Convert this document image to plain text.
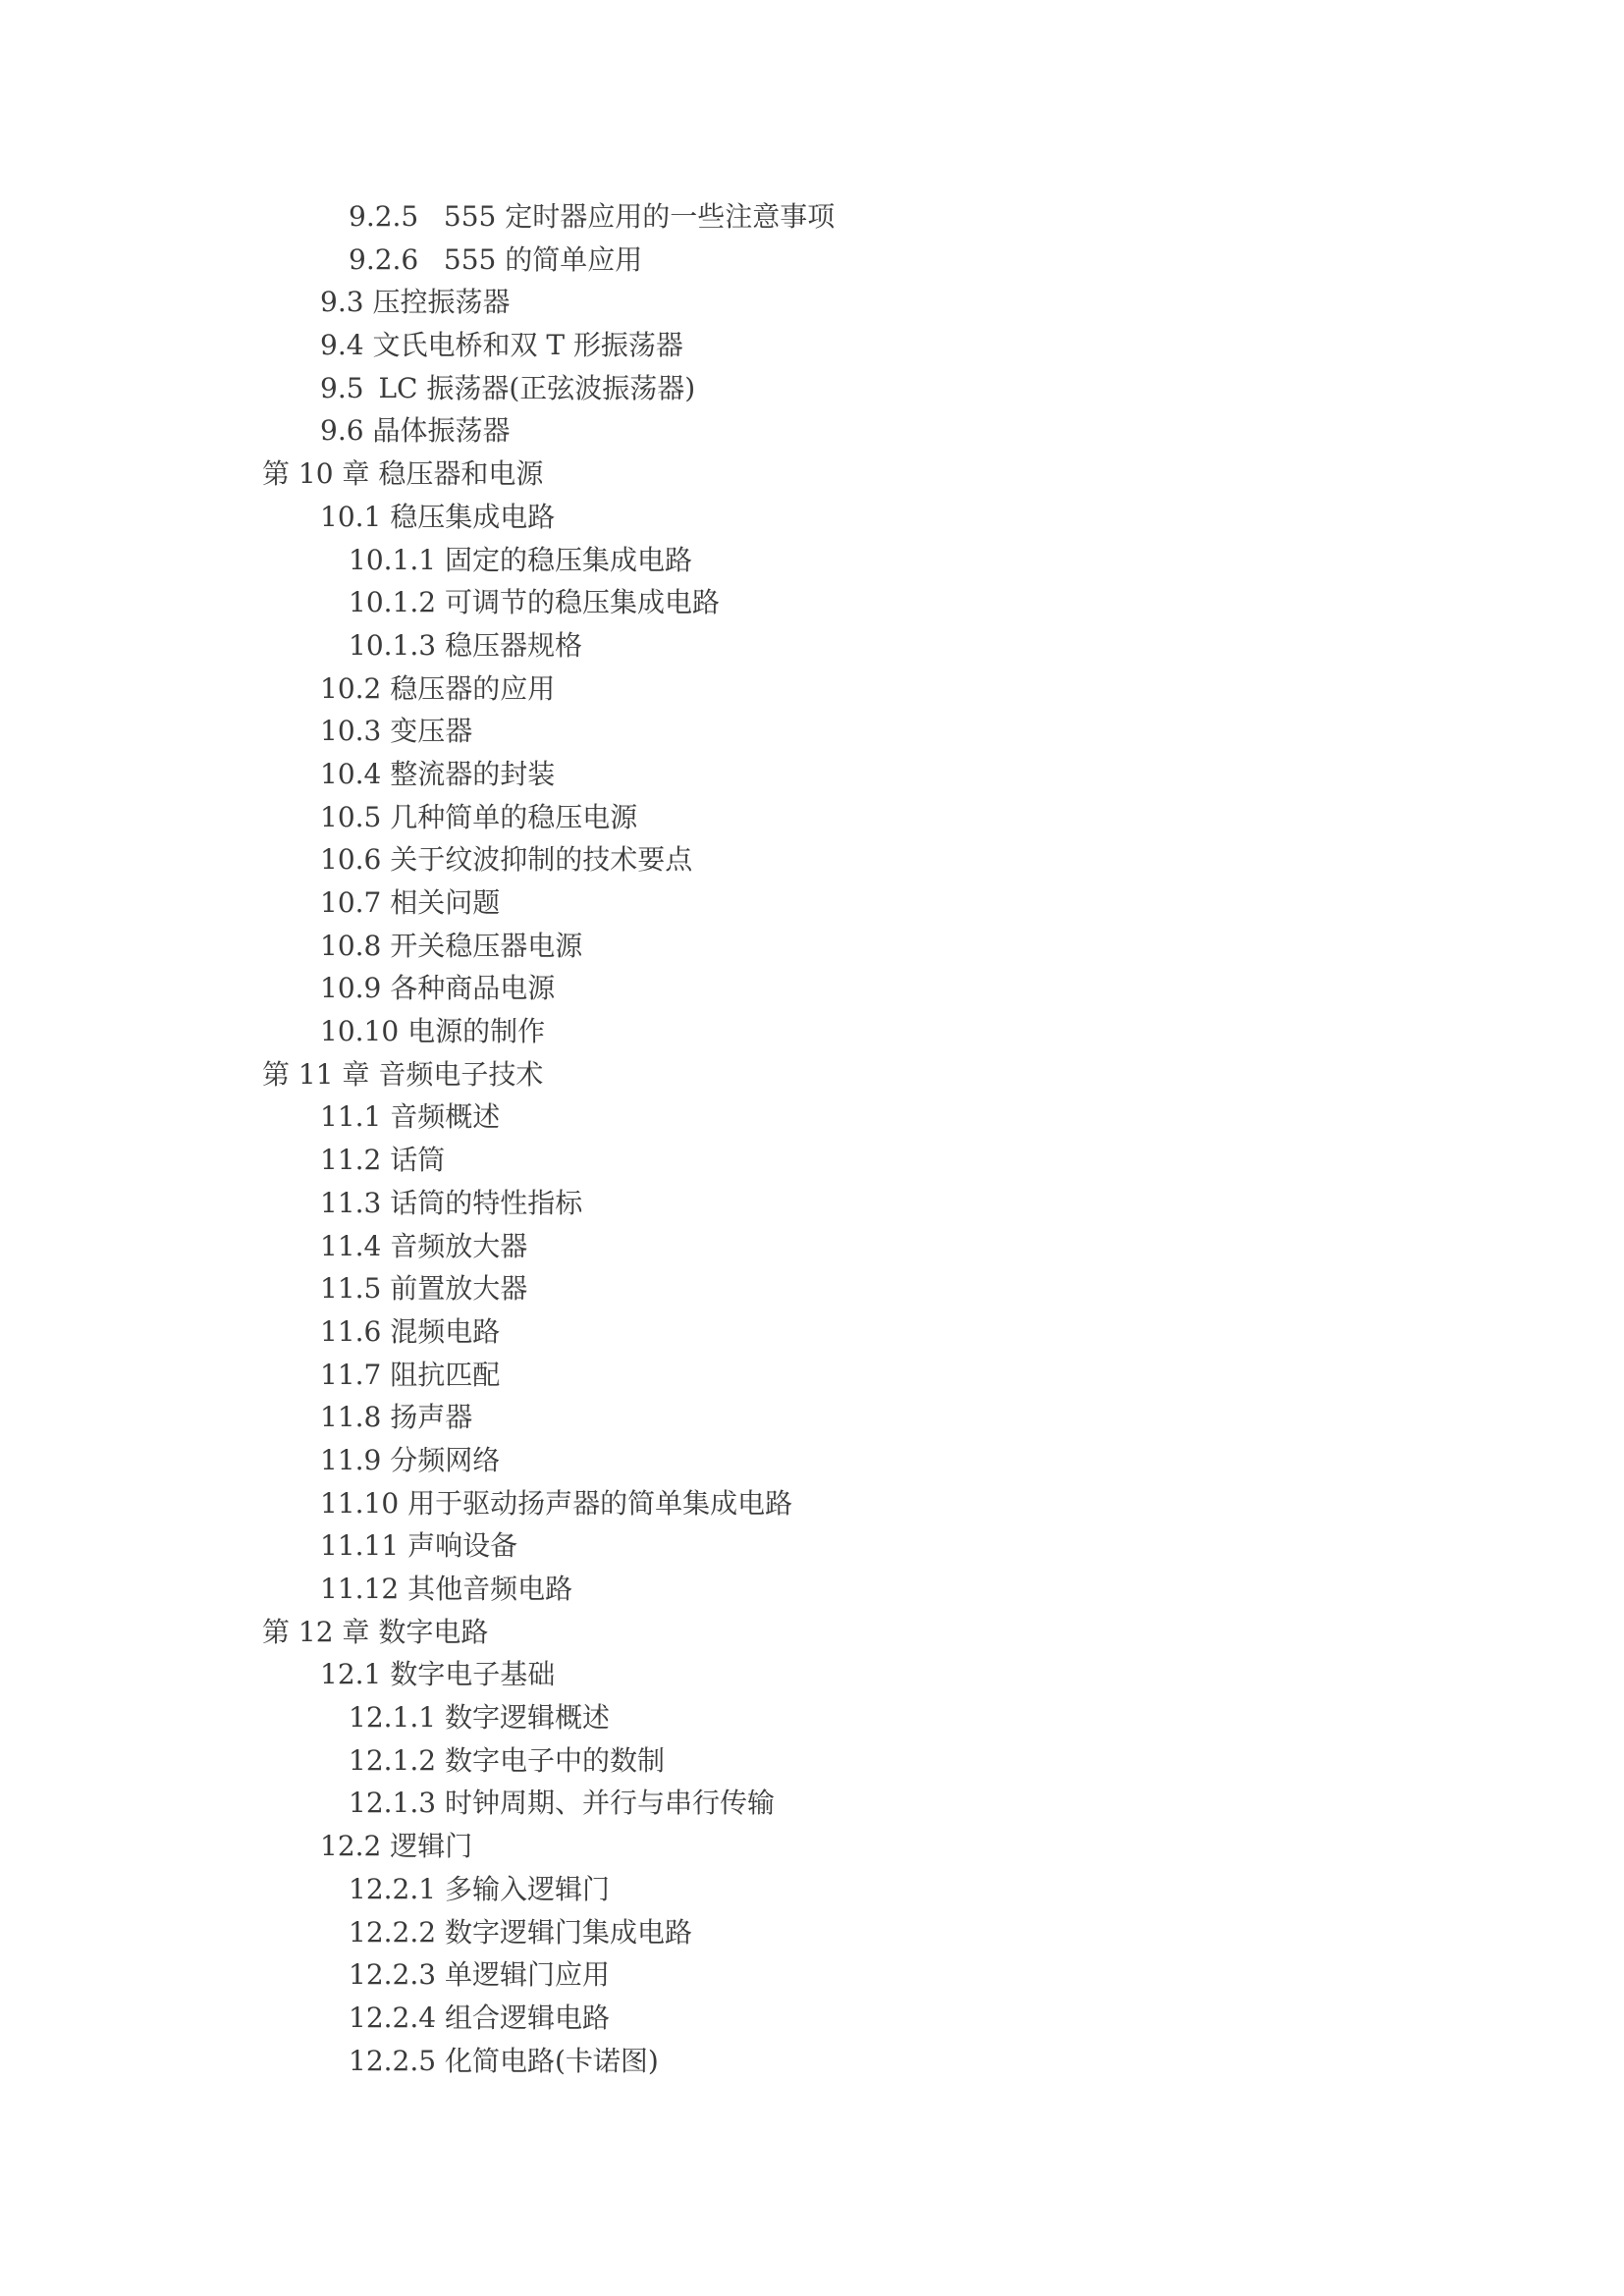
9.2.5 555 定时器应用的一些注意事项
9.2.6 555 的简单应用
9.3 压控振荡器
9.4 文氏电桥和双 T 形振荡器
9.5 LC 振荡器(正弦波振荡器)
9.6 晶体振荡器
第 10 章 稳压器和电源
10.1 稳压集成电路
10.1.1 固定的稳压集成电路
10.1.2 可调节的稳压集成电路
10.1.3 稳压器规格
10.2 稳压器的应用
10.3 变压器
10.4 整流器的封装
10.5 几种简单的稳压电源
10.6 关于纹波抑制的技术要点
10.7 相关问题
10.8 开关稳压器电源
10.9 各种商品电源
10.10 电源的制作
第 11 章 音频电子技术
11.1 音频概述
11.2 话筒
11.3 话筒的特性指标
11.4 音频放大器
11.5 前置放大器
11.6 混频电路
11.7 阻抗匹配
11.8 扬声器
11.9 分频网络
11.10 用于驱动扬声器的简单集成电路
11.11 声响设备
11.12 其他音频电路
第 12 章 数字电路
12.1 数字电子基础
12.1.1 数字逻辑概述
12.1.2 数字电子中的数制
12.1.3 时钟周期、并行与串行传输
12.2 逻辑门
12.2.1 多输入逻辑门
12.2.2 数字逻辑门集成电路
12.2.3 单逻辑门应用
12.2.4 组合逻辑电路
12.2.5 化简电路(卡诺图)
